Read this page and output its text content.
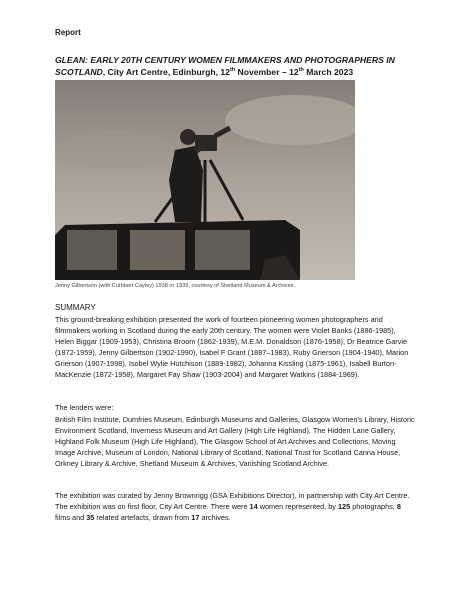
Report
GLEAN: EARLY 20TH CENTURY WOMEN FILMMAKERS AND PHOTOGRAPHERS IN SCOTLAND, City Art Centre, Edinburgh, 12th November – 12th March 2023
Jenny Gilbertson (with Cuthbert Cayley) 1938 or 1939, courtesy of Shetland Museum & Archives.
SUMMARY
This ground-breaking exhibition presented the work of fourteen pioneering women photographers and filmmakers working in Scotland during the early 20th century. The women were Violet Banks (1886-1985), Helen Biggar (1909-1953), Christina Broom (1862-1939), M.E.M. Donaldson (1876-1958), Dr Beatrice Garvie (1872-1959), Jenny Gilbertson (1902-1990), Isabel F Grant (1887–1983), Ruby Grierson (1904-1940), Marion Grierson (1907-1998), Isobel Wylie Hutchison (1889-1982), Johanna Kissling (1875-1961), Isabell Burton-MacKenzie (1872-1958), Margaret Fay Shaw (1903-2004) and Margaret Watkins (1884-1969).
The lenders were:
British Film Institute, Dumfries Museum, Edinburgh Museums and Galleries, Glasgow Women’s Library, Historic Environment Scotland, Inverness Museum and Art Gallery (High Life Highland), The Hidden Lane Gallery, Highland Folk Museum (High Life Highland), The Glasgow School of Art Archives and Collections, Moving Image Archive, Museum of London, National Library of Scotland, National Trust for Scotland Canna House, Orkney Library & Archive, Shetland Museum & Archives, Vanishing Scotland Archive.
The exhibition was curated by Jenny Brownrigg (GSA Exhibitions Director), in partnership with City Art Centre. The exhibition was on first floor, City Art Centre. There were 14 women represented, by 125 photographs, 8 films and 35 related artefacts, drawn from 17 archives.
